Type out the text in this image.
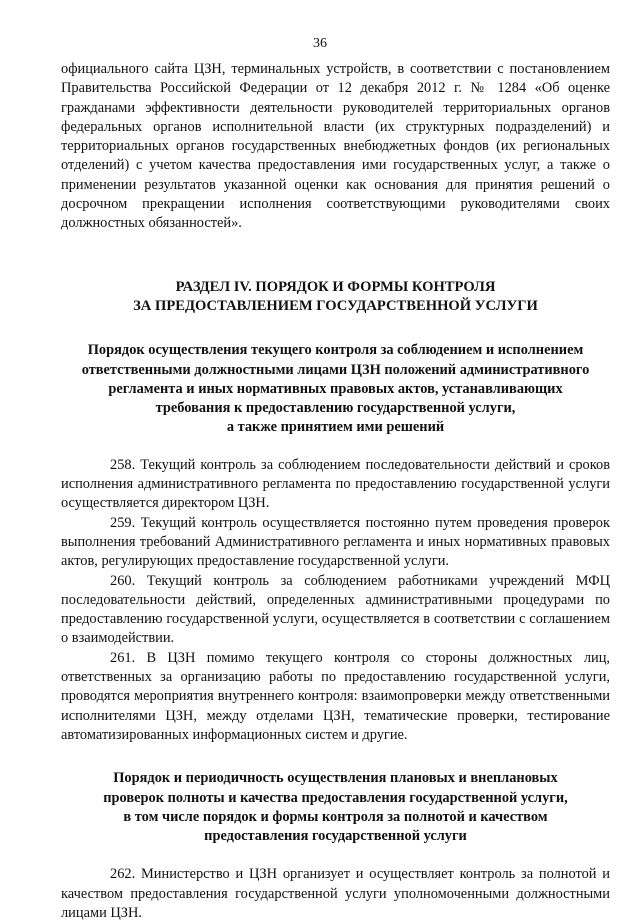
36

официального сайта ЦЗН, терминальных устройств, в соответствии с постановлением Правительства Российской Федерации от 12 декабря 2012 г. № 1284 «Об оценке гражданами эффективности деятельности руководителей территориальных органов федеральных органов исполнительной власти (их структурных подразделений) и территориальных органов государственных внебюджетных фондов (их региональных отделений) с учетом качества предоставления ими государственных услуг, а также о применении результатов указанной оценки как основания для принятия решений о досрочном прекращении исполнения соответствующими руководителями своих должностных обязанностей».

РАЗДЕЛ IV. ПОРЯДОК И ФОРМЫ КОНТРОЛЯ
ЗА ПРЕДОСТАВЛЕНИЕМ ГОСУДАРСТВЕННОЙ УСЛУГИ
Порядок осуществления текущего контроля за соблюдением и исполнением
ответственными должностными лицами ЦЗН положений административного
регламента и иных нормативных правовых актов, устанавливающих
требования к предоставлению государственной услуги,
а также принятием ими решений

258. Текущий контроль за соблюдением последовательности действий и сроков исполнения административного регламента по предоставлению государственной услуги осуществляется директором ЦЗН.

259. Текущий контроль осуществляется постоянно путем проведения проверок выполнения требований Административного регламента и иных нормативных правовых актов, регулирующих предоставление государственной услуги.

260. Текущий контроль за соблюдением работниками учреждений МФЦ последовательности действий, определенных административными процедурами по предоставлению государственной услуги, осуществляется в соответствии с соглашением о взаимодействии.

261. В ЦЗН помимо текущего контроля со стороны должностных лиц, ответственных за организацию работы по предоставлению государственной услуги, проводятся мероприятия внутреннего контроля: взаимопроверки между ответственными исполнителями ЦЗН, между отделами ЦЗН, тематические проверки, тестирование автоматизированных информационных систем и другие.

Порядок и периодичность осуществления плановых и внеплановых
проверок полноты и качества предоставления государственной услуги,
в том числе порядок и формы контроля за полнотой и качеством
предоставления государственной услуги

262. Министерство и ЦЗН организует и осуществляет контроль за полнотой и качеством предоставления государственной услуги уполномоченными должностными лицами ЦЗН.
